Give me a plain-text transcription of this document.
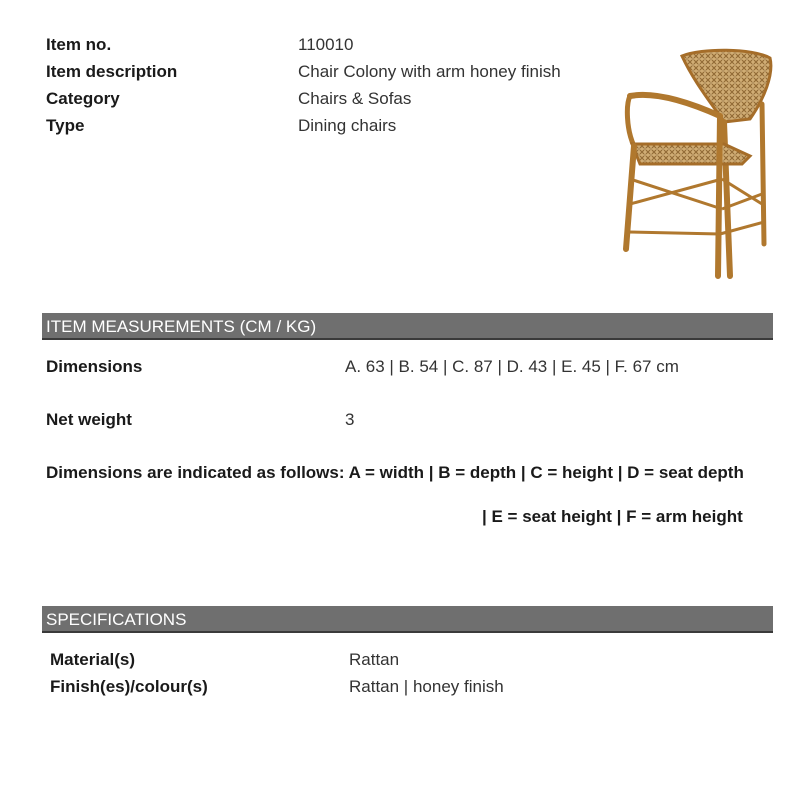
Item no.	110010
Item description	Chair Colony with arm honey finish
Category	Chairs & Sofas
Type	Dining chairs
ITEM MEASUREMENTS (CM / KG)
Dimensions	A. 63 | B. 54 | C. 87 | D. 43 | E. 45 | F. 67 cm
Net weight	3
Dimensions are indicated as follows: A = width | B = depth | C = height | D = seat depth
| E = seat height | F = arm height
SPECIFICATIONS
Material(s)	Rattan
Finish(es)/colour(s)	Rattan | honey finish
